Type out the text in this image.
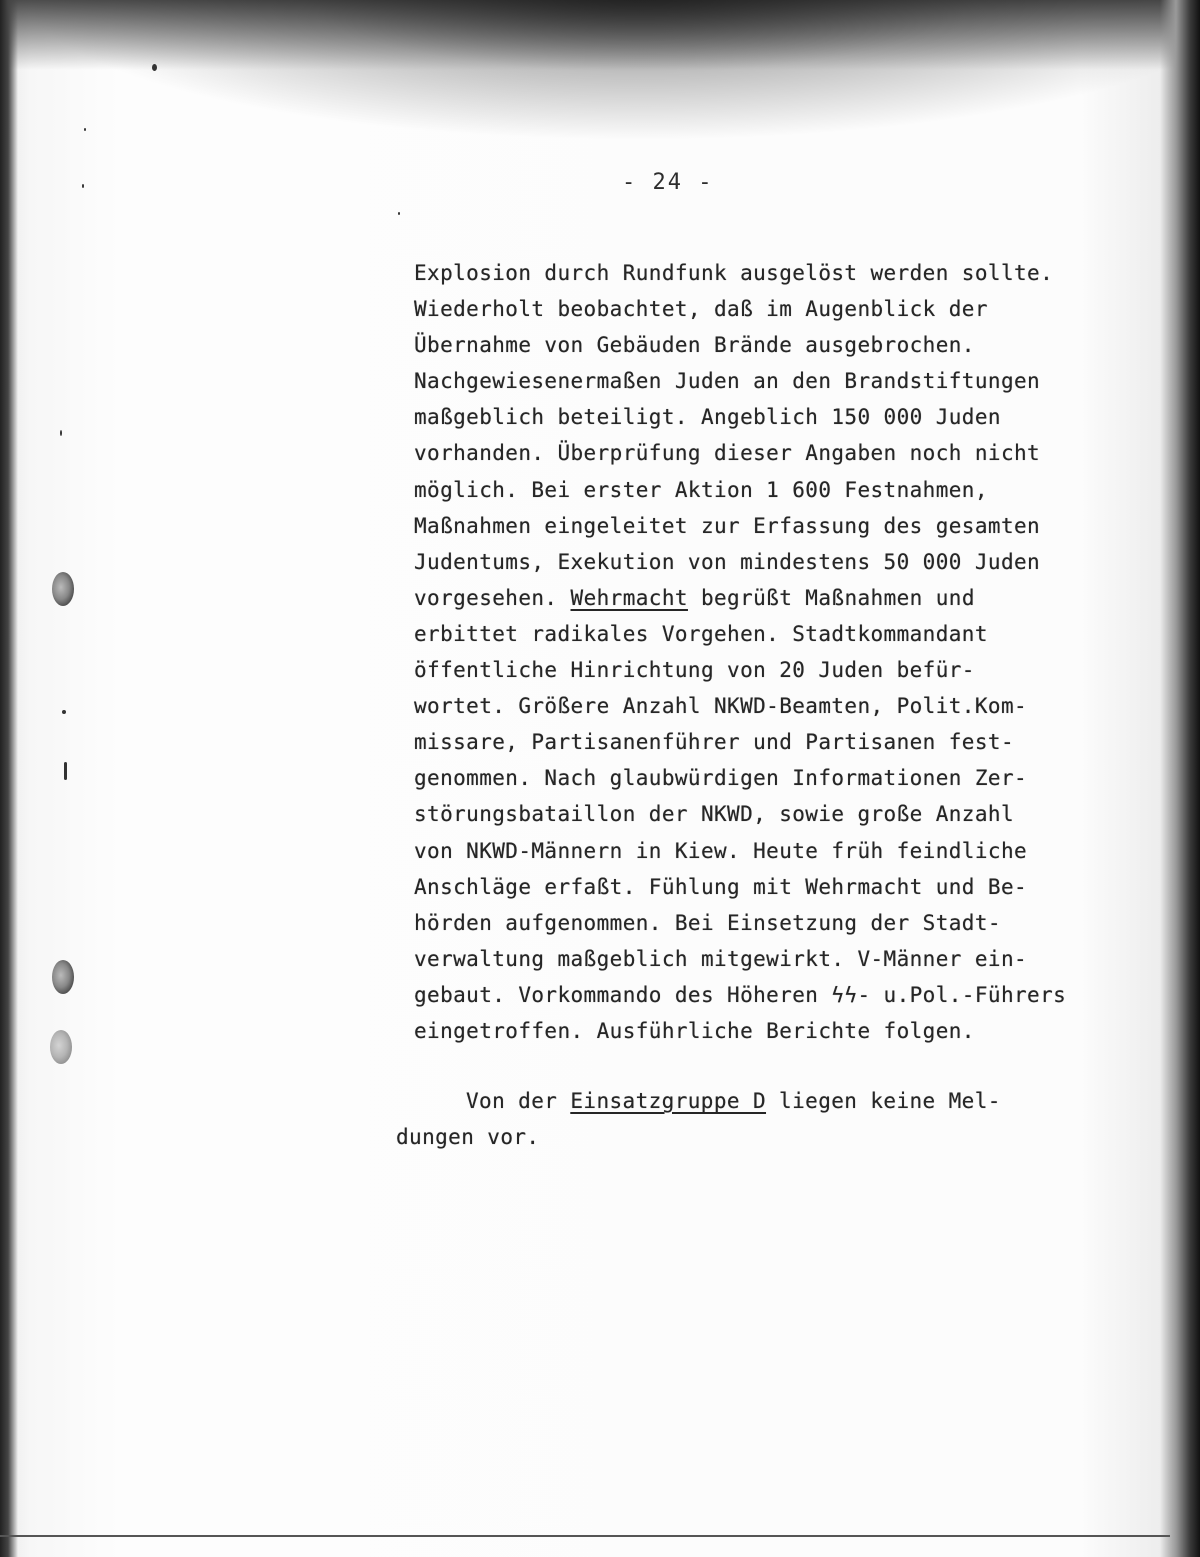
- 24 -
Explosion durch Rundfunk ausgelöst werden sollte.
Wiederholt beobachtet, daß im Augenblick der
Übernahme von Gebäuden Brände ausgebrochen.
Nachgewiesenermaßen Juden an den Brandstiftungen
maßgeblich beteiligt. Angeblich 150 000 Juden
vorhanden. Überprüfung dieser Angaben noch nicht
möglich. Bei erster Aktion 1 600 Festnahmen,
Maßnahmen eingeleitet zur Erfassung des gesamten
Judentums, Exekution von mindestens 50 000 Juden
vorgesehen. Wehrmacht begrüßt Maßnahmen und
erbittet radikales Vorgehen. Stadtkommandant
öffentliche Hinrichtung von 20 Juden befür-
wortet. Größere Anzahl NKWD-Beamten, Polit.Kom-
missare, Partisanenführer und Partisanen fest-
genommen. Nach glaubwürdigen Informationen Zer-
störungsbataillon der NKWD, sowie große Anzahl
von NKWD-Männern in Kiew. Heute früh feindliche
Anschläge erfaßt. Fühlung mit Wehrmacht und Be-
hörden aufgenommen. Bei Einsetzung der Stadt-
verwaltung maßgeblich mitgewirkt. V-Männer ein-
gebaut. Vorkommando des Höheren ϟϟ- u.Pol.-Führers
eingetroffen. Ausführliche Berichte folgen.
Von der Einsatzgruppe D liegen keine Mel-
dungen vor.
